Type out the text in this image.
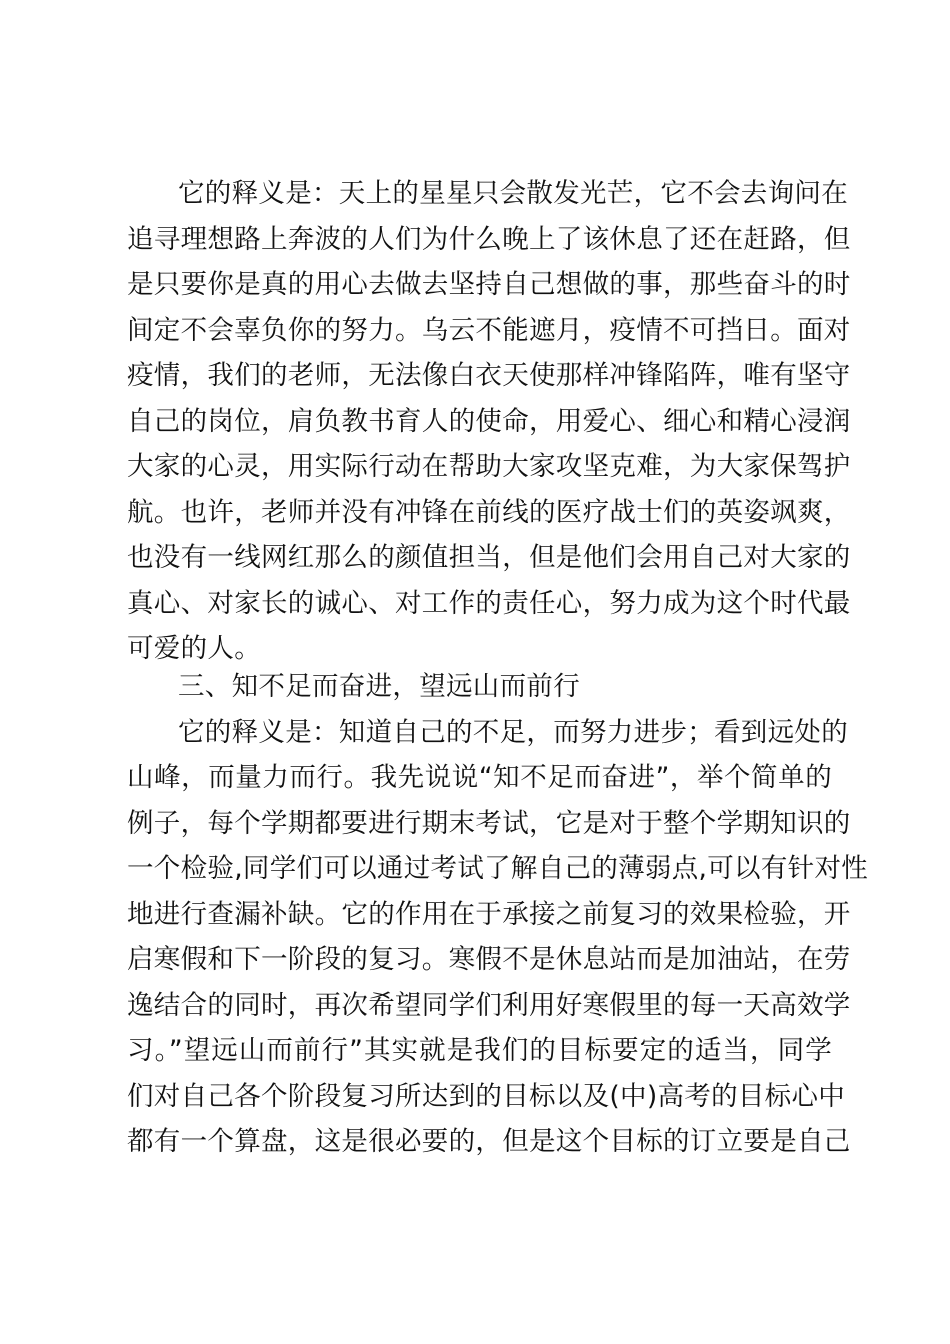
它的释义是：天上的星星只会散发光芒，它不会去询问在
追寻理想路上奔波的人们为什么晚上了该休息了还在赶路，但
是只要你是真的用心去做去坚持自己想做的事，那些奋斗的时
间定不会辜负你的努力。乌云不能遮月，疫情不可挡日。面对
疫情，我们的老师，无法像白衣天使那样冲锋陷阵，唯有坚守
自己的岗位，肩负教书育人的使命，用爱心、细心和精心浸润
大家的心灵，用实际行动在帮助大家攻坚克难，为大家保驾护
航。也许，老师并没有冲锋在前线的医疗战士们的英姿飒爽，
也没有一线网红那么的颜值担当，但是他们会用自己对大家的
真心、对家长的诚心、对工作的责任心，努力成为这个时代最
可爱的人。
三、知不足而奋进，望远山而前行
它的释义是：知道自己的不足，而努力进步；看到远处的
山峰，而量力而行。我先说说“知不足而奋进”，举个简单的
例子，每个学期都要进行期末考试，它是对于整个学期知识的
一个检验,同学们可以通过考试了解自己的薄弱点,可以有针对性
地进行查漏补缺。它的作用在于承接之前复习的效果检验，开
启寒假和下一阶段的复习。寒假不是休息站而是加油站，在劳
逸结合的同时，再次希望同学们利用好寒假里的每一天高效学
习。”望远山而前行”其实就是我们的目标要定的适当，同学
们对自己各个阶段复习所达到的目标以及(中)高考的目标心中
都有一个算盘，这是很必要的，但是这个目标的订立要是自己
